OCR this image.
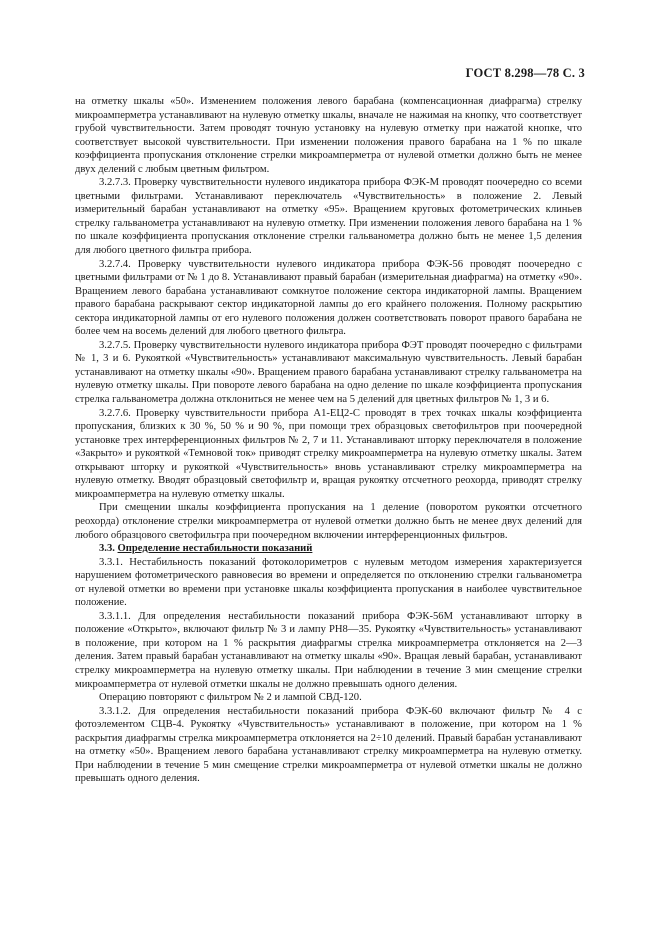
ГОСТ 8.298—78 С. 3

на отметку шкалы «50». Изменением положения левого барабана (компенсационная диафрагма) стрелку микроамперметра устанавливают на нулевую отметку шкалы, вначале не нажимая на кнопку, что соответствует грубой чувствительности. Затем проводят точную установку на нулевую отметку при нажатой кнопке, что соответствует высокой чувствительности. При изменении положения правого барабана на 1 % по шкале коэффициента пропускания отклонение стрелки микроамперметра от нулевой отметки должно быть не менее двух делений с любым цветным фильтром.

3.2.7.3. Проверку чувствительности нулевого индикатора прибора ФЭК-М проводят поочередно со всеми цветными фильтрами. Устанавливают переключатель «Чувствительность» в положение 2. Левый измерительный барабан устанавливают на отметку «95». Вращением круговых фотометрических клиньев стрелку гальванометра устанавливают на нулевую отметку. При изменении положения левого барабана на 1 % по шкале коэффициента пропускания отклонение стрелки гальванометра должно быть не менее 1,5 деления для любого цветного фильтра прибора.

3.2.7.4. Проверку чувствительности нулевого индикатора прибора ФЭК-56 проводят поочередно с цветными фильтрами от № 1 до 8. Устанавливают правый барабан (измерительная диафрагма) на отметку «90». Вращением левого барабана устанавливают сомкнутое положение сектора индикаторной лампы. Вращением правого барабана раскрывают сектор индикаторной лампы до его крайнего положения. Полному раскрытию сектора индикаторной лампы от его нулевого положения должен соответствовать поворот правого барабана не более чем на восемь делений для любого цветного фильтра.

3.2.7.5. Проверку чувствительности нулевого индикатора прибора ФЭТ проводят поочередно с фильтрами № 1, 3 и 6. Рукояткой «Чувствительность» устанавливают максимальную чувствительность. Левый барабан устанавливают на отметку шкалы «90». Вращением правого барабана устанавливают стрелку гальванометра на нулевую отметку шкалы. При повороте левого барабана на одно деление по шкале коэффициента пропускания стрелка гальванометра должна отклониться не менее чем на 5 делений для цветных фильтров № 1, 3 и 6.

3.2.7.6. Проверку чувствительности прибора А1-ЕЦ2-С проводят в трех точках шкалы коэффициента пропускания, близких к 30 %, 50 % и 90 %, при помощи трех образцовых светофильтров при поочередной установке трех интерференционных фильтров № 2, 7 и 11. Устанавливают шторку переключателя в положение «Закрыто» и рукояткой «Темновой ток» приводят стрелку микроамперметра на нулевую отметку шкалы. Затем открывают шторку и рукояткой «Чувствительность» вновь устанавливают стрелку микроамперметра на нулевую отметку. Вводят образцовый светофильтр и, вращая рукоятку отсчетного реохорда, приводят стрелку микроамперметра на нулевую отметку шкалы.

При смещении шкалы коэффициента пропускания на 1 деление (поворотом рукоятки отсчетного реохорда) отклонение стрелки микроамперметра от нулевой отметки должно быть не менее двух делений для любого образцового светофильтра при поочередном включении интерференционных фильтров.

3.3. Определение нестабильности показаний

3.3.1. Нестабильность показаний фотоколориметров с нулевым методом измерения характеризуется нарушением фотометрического равновесия во времени и определяется по отклонению стрелки гальванометра от нулевой отметки во времени при установке шкалы коэффициента пропускания в наиболее чувствительное положение.

3.3.1.1. Для определения нестабильности показаний прибора ФЭК-56М устанавливают шторку в положение «Открыто», включают фильтр № 3 и лампу РН8—35. Рукоятку «Чувствительность» устанавливают в положение, при котором на 1 % раскрытия диафрагмы стрелка микроамперметра отклоняется на 2—3 деления. Затем правый барабан устанавливают на отметку шкалы «90». Вращая левый барабан, устанавливают стрелку микроамперметра на нулевую отметку шкалы. При наблюдении в течение 3 мин смещение стрелки микроамперметра от нулевой отметки шкалы не должно превышать одного деления.

Операцию повторяют с фильтром № 2 и лампой СВД-120.

3.3.1.2. Для определения нестабильности показаний прибора ФЭК-60 включают фильтр № 4 с фотоэлементом СЦВ-4. Рукоятку «Чувствительность» устанавливают в положение, при котором на 1 % раскрытия диафрагмы стрелка микроамперметра отклоняется на 2÷10 делений. Правый барабан устанавливают на отметку «50». Вращением левого барабана устанавливают стрелку микроамперметра на нулевую отметку. При наблюдении в течение 5 мин смещение стрелки микроамперметра от нулевой отметки шкалы не должно превышать одного деления.
